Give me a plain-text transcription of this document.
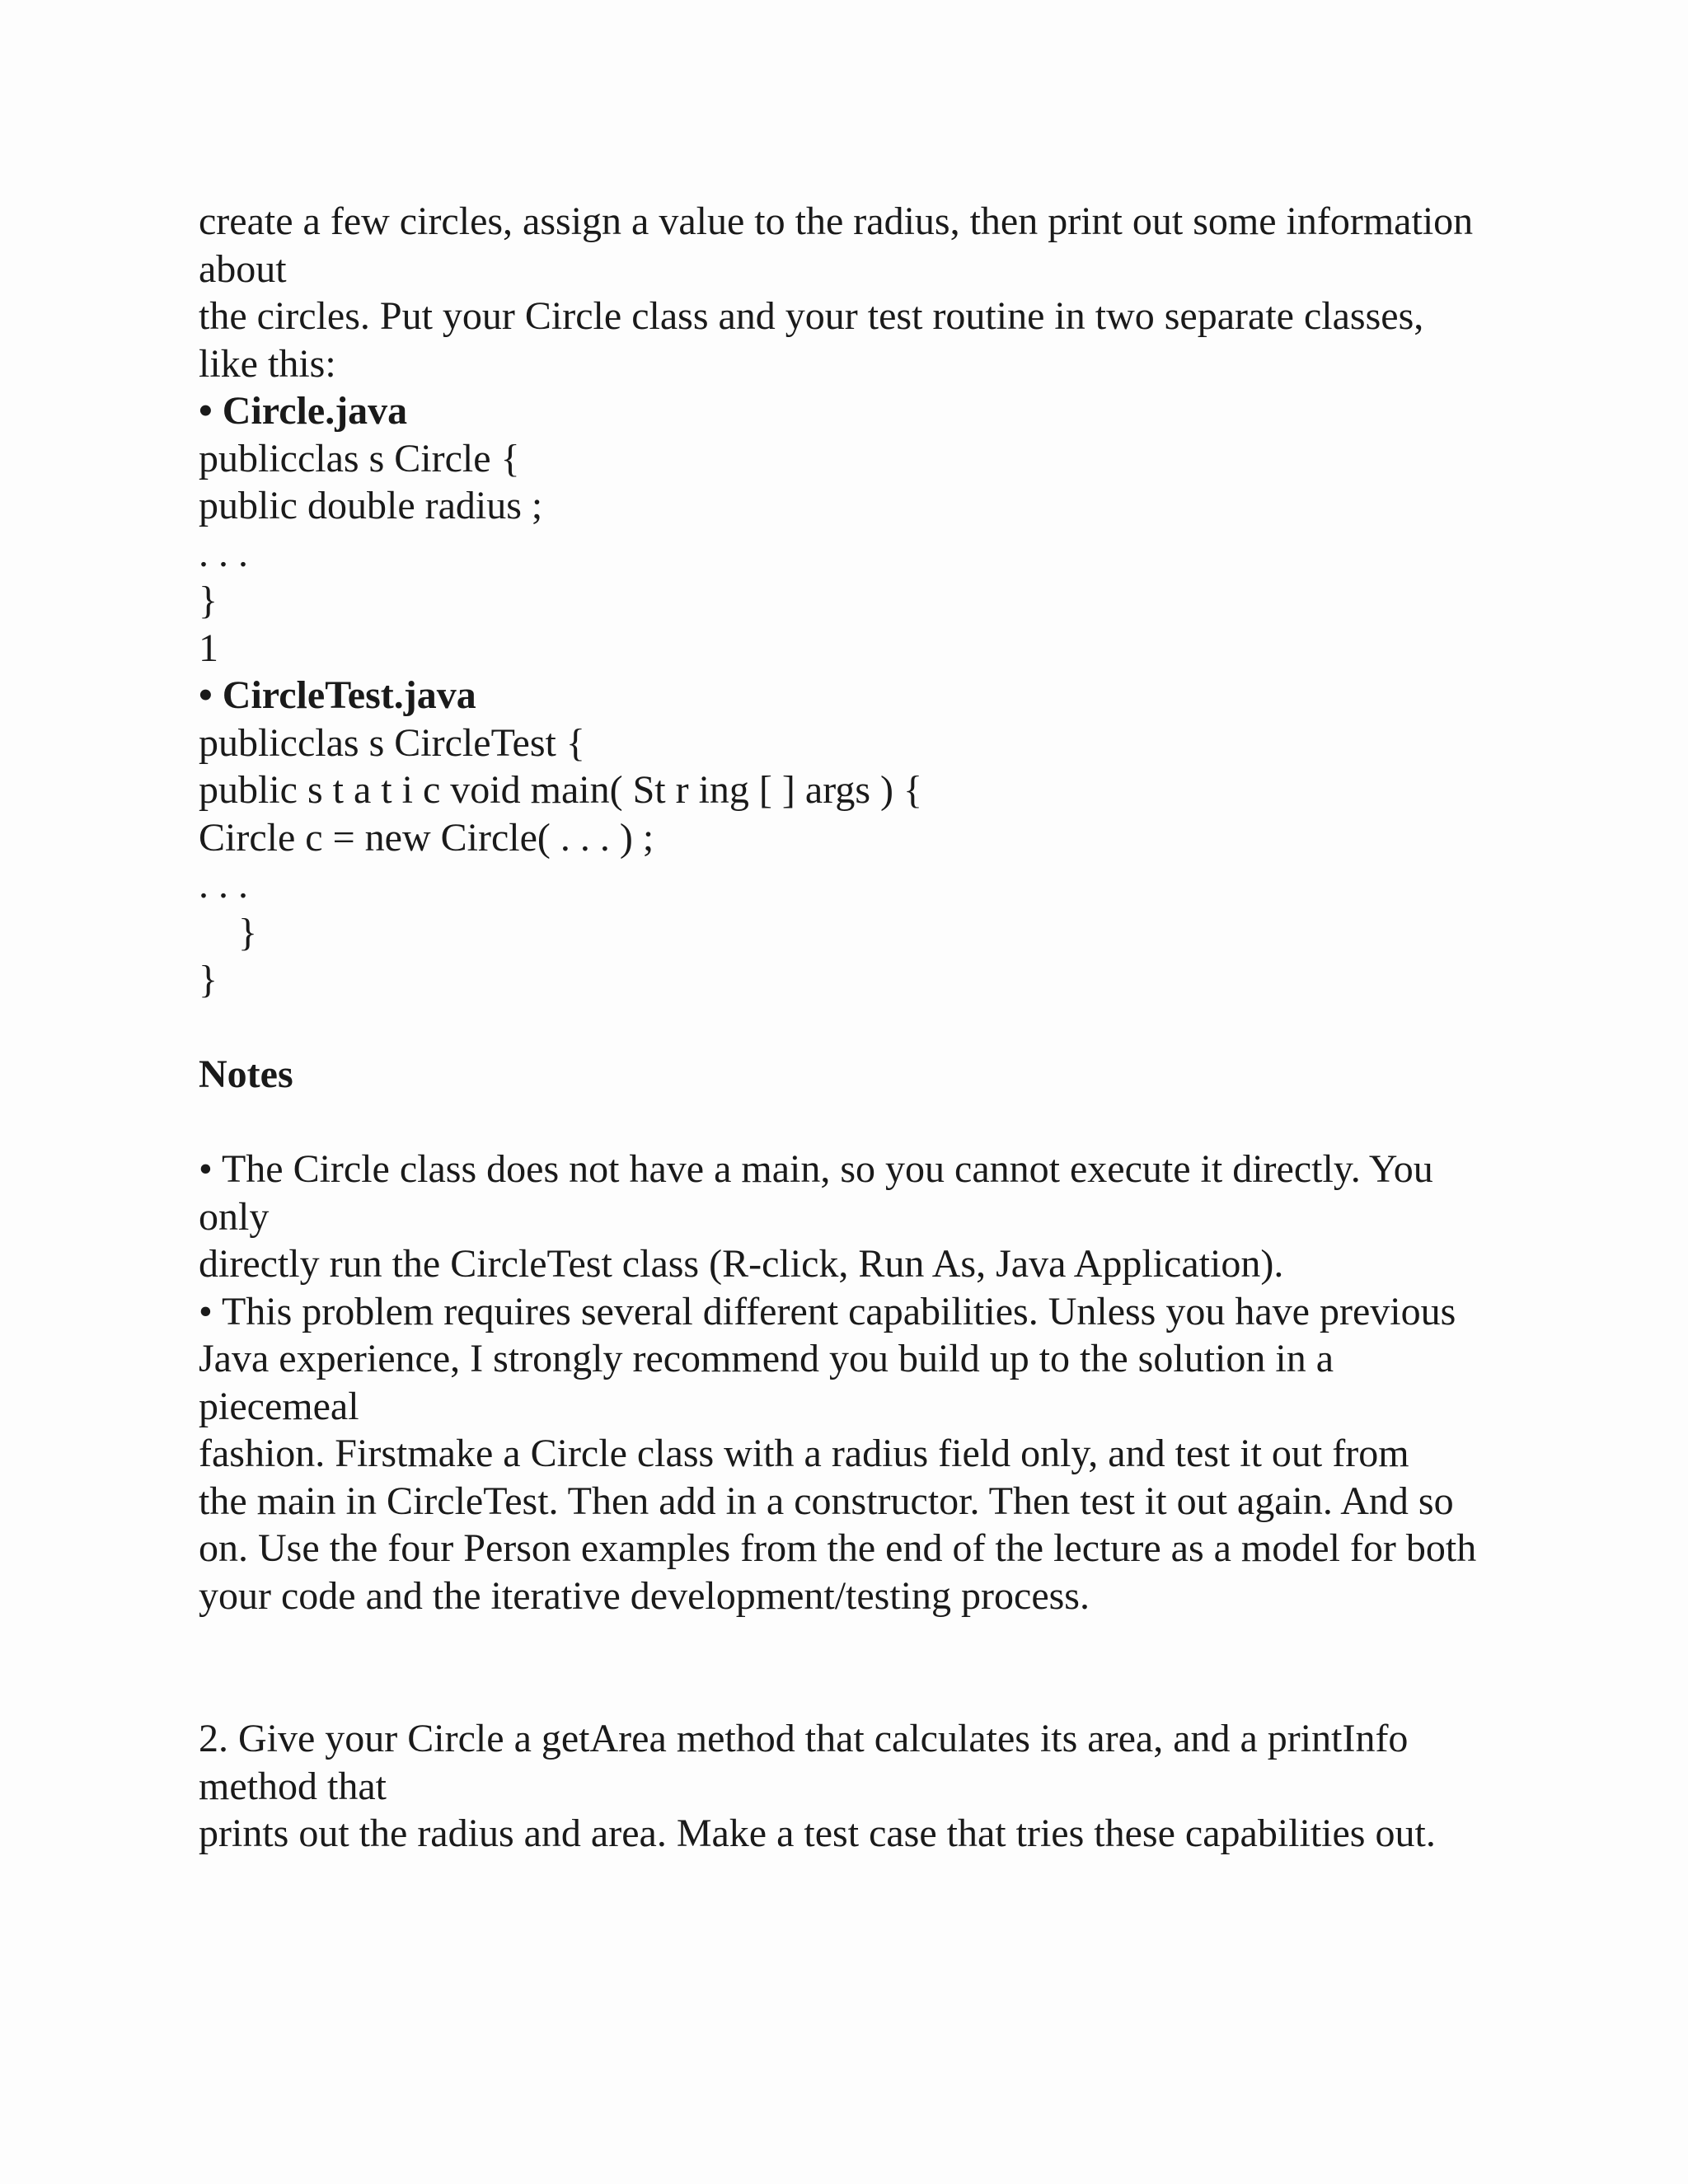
create a few circles, assign a value to the radius, then print out some information
about
the circles. Put your Circle class and your test routine in two separate classes,
like this:
• Circle.java
publicclas s Circle {
public double radius ;
. . .
}
1
• CircleTest.java
publicclas s CircleTest {
public s t a t i c void main( St r ing [ ] args ) {
Circle c = new Circle( . . . ) ;
. . .
}
}
Notes
• The Circle class does not have a main, so you cannot execute it directly. You
only
directly run the CircleTest class (R-click, Run As, Java Application).
• This problem requires several different capabilities. Unless you have previous
Java experience, I strongly recommend you build up to the solution in a
piecemeal
fashion. Firstmake a Circle class with a radius field only, and test it out from
the main in CircleTest. Then add in a constructor. Then test it out again. And so
on. Use the four Person examples from the end of the lecture as a model for both
your code and the iterative development/testing process.
2. Give your Circle a getArea method that calculates its area, and a printInfo
method that
prints out the radius and area. Make a test case that tries these capabilities out.
